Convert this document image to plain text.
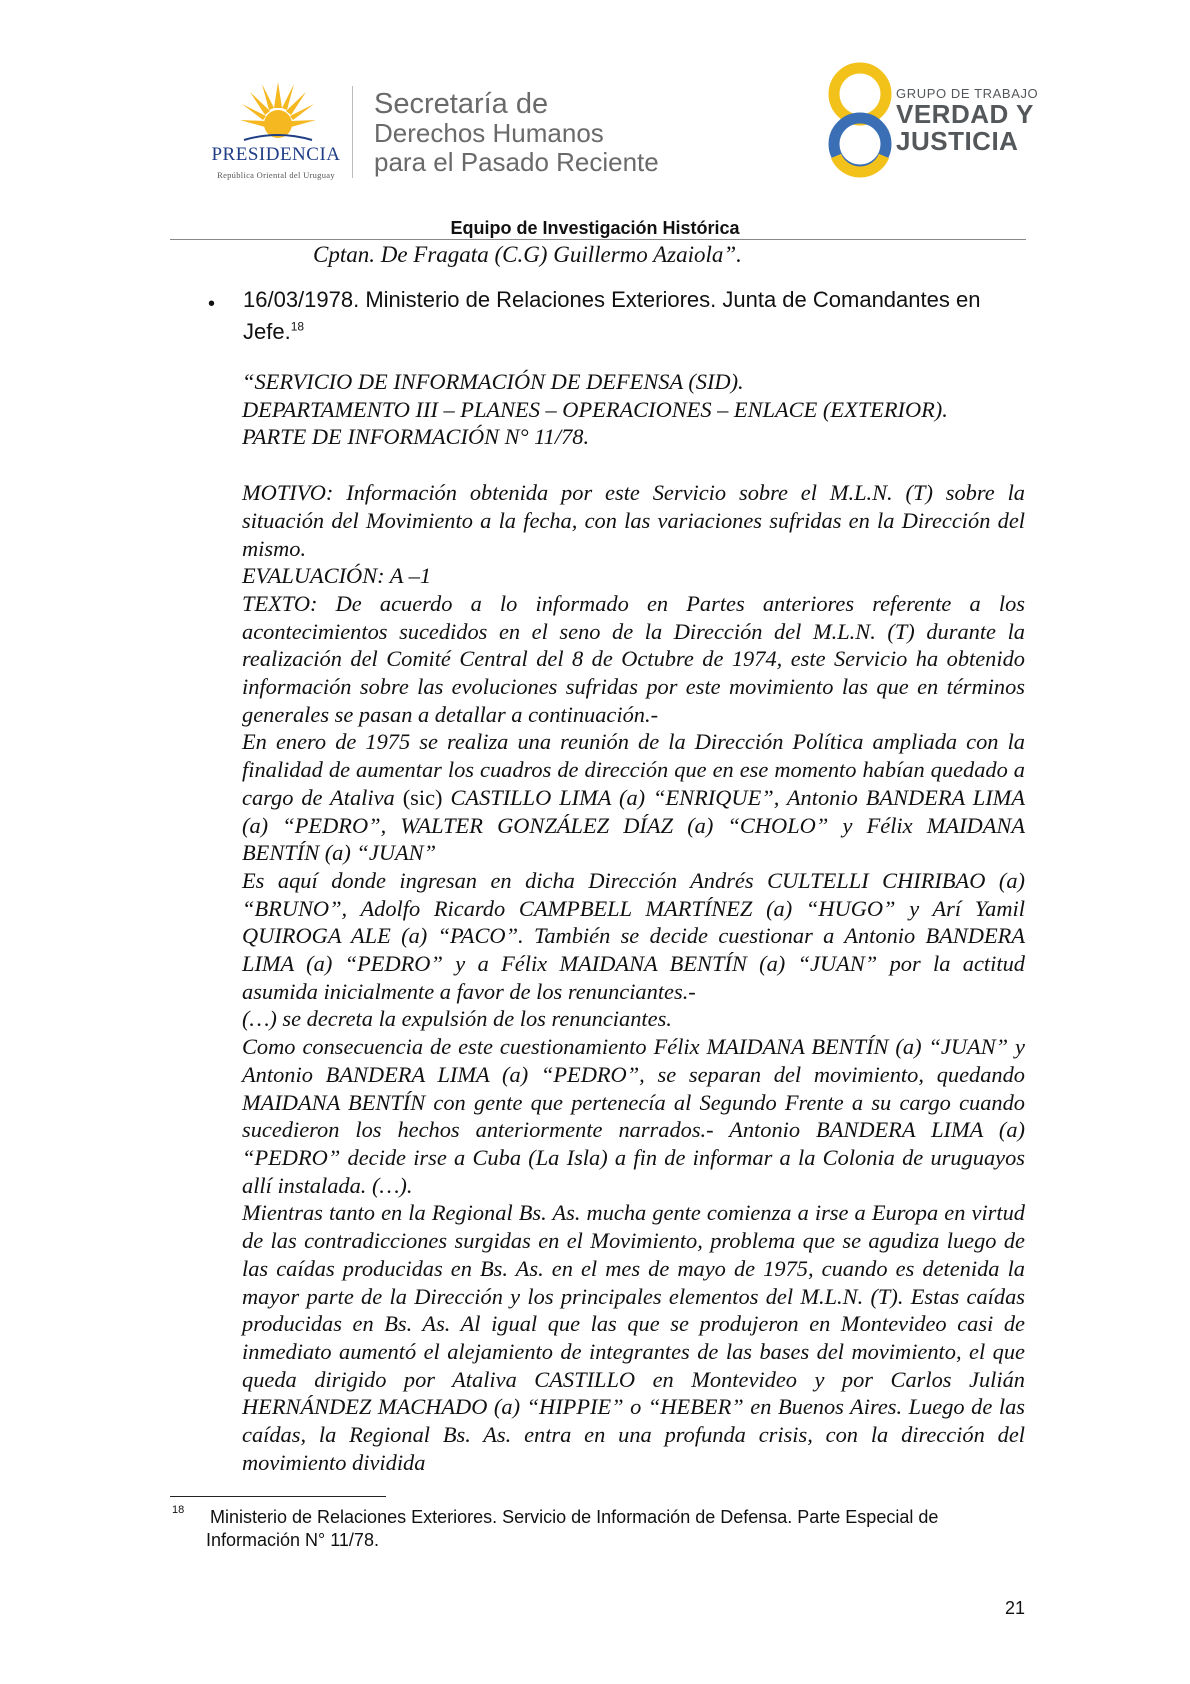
PRESIDENCIA
República Oriental del Uruguay
Secretaría de
Derechos Humanos
para el Pasado Reciente
GRUPO DE TRABAJO
VERDAD Y
JUSTICIA
Equipo de Investigación Histórica
Cptan. De Fragata (C.G) Guillermo Azaiola”.
• 16/03/1978. Ministerio de Relaciones Exteriores. Junta de Comandantes en Jefe.$^{18}$

“SERVICIO DE INFORMACIÓN DE DEFENSA (SID).

DEPARTAMENTO III – PLANES – OPERACIONES – ENLACE (EXTERIOR).

PARTE DE INFORMACIÓN N° 11/78.

MOTIVO: Información obtenida por este Servicio sobre el M.L.N. (T) sobre la situación del Movimiento a la fecha, con las variaciones sufridas en la Dirección del mismo.

EVALUACIÓN: A –1

TEXTO: De acuerdo a lo informado en Partes anteriores referente a los acontecimientos sucedidos en el seno de la Dirección del M.L.N. (T) durante la realización del Comité Central del 8 de Octubre de 1974, este Servicio ha obtenido información sobre las evoluciones sufridas por este movimiento las que en términos generales se pasan a detallar a continuación.-

En enero de 1975 se realiza una reunión de la Dirección Política ampliada con la finalidad de aumentar los cuadros de dirección que en ese momento habían quedado a cargo de Ataliva (sic) CASTILLO LIMA (a) “ENRIQUE”, Antonio BANDERA LIMA (a) “PEDRO”, WALTER GONZÁLEZ DÍAZ (a) “CHOLO” y Félix MAIDANA BENTÍN (a) “JUAN”

Es aquí donde ingresan en dicha Dirección Andrés CULTELLI CHIRIBAO (a) “BRUNO”, Adolfo Ricardo CAMPBELL MARTÍNEZ (a) “HUGO” y Arí Yamil QUIROGA ALE (a) “PACO”. También se decide cuestionar a Antonio BANDERA LIMA (a) “PEDRO” y a Félix MAIDANA BENTÍN (a) “JUAN” por la actitud asumida inicialmente a favor de los renunciantes.-

(…) se decreta la expulsión de los renunciantes.

Como consecuencia de este cuestionamiento Félix MAIDANA BENTÍN (a) “JUAN” y Antonio BANDERA LIMA (a) “PEDRO”, se separan del movimiento, quedando MAIDANA BENTÍN con gente que pertenecía al Segundo Frente a su cargo cuando sucedieron los hechos anteriormente narrados.- Antonio BANDERA LIMA (a) “PEDRO” decide irse a Cuba (La Isla) a fin de informar a la Colonia de uruguayos allí instalada. (…).

Mientras tanto en la Regional Bs. As. mucha gente comienza a irse a Europa en virtud de las contradicciones surgidas en el Movimiento, problema que se agudiza luego de las caídas producidas en Bs. As. en el mes de mayo de 1975, cuando es detenida la mayor parte de la Dirección y los principales elementos del M.L.N. (T). Estas caídas producidas en Bs. As. Al igual que las que se produjeron en Montevideo casi de inmediato aumentó el alejamiento de integrantes de las bases del movimiento, el que queda dirigido por Ataliva CASTILLO en Montevideo y por Carlos Julián HERNÁNDEZ MACHADO (a) “HIPPIE” o “HEBER” en Buenos Aires. Luego de las caídas, la Regional Bs. As. entra en una profunda crisis, con la dirección del movimiento dividida

18 Ministerio de Relaciones Exteriores. Servicio de Información de Defensa. Parte Especial de Información N° 11/78.
21
